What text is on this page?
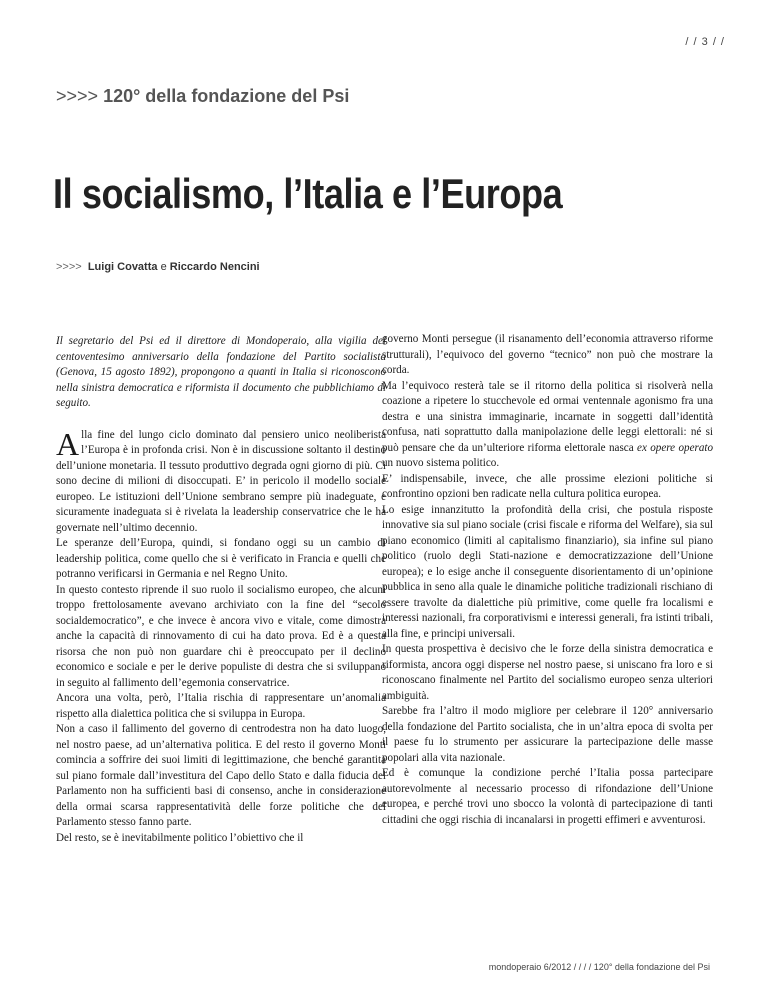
/ / 3 / /
>>>> 120° della fondazione del Psi
Il socialismo, l’Italia e l’Europa
>>>> Luigi Covatta e Riccardo Nencini

Il segretario del Psi ed il direttore di Mondoperaio, alla vigilia del centoventesimo anniversario della fondazione del Partito socialista (Genova, 15 agosto 1892), propongono a quanti in Italia si riconoscono nella sinistra democratica e riformista il documento che pubblichiamo di seguito.

Alla fine del lungo ciclo dominato dal pensiero unico neoliberista l’Europa è in profonda crisi. Non è in discussione soltanto il destino dell’unione monetaria. Il tessuto produttivo degrada ogni giorno di più. Ci sono decine di milioni di disoccupati. E’ in pericolo il modello sociale europeo. Le istituzioni dell’Unione sembrano sempre più inadeguate, e sicuramente inadeguata si è rivelata la leadership conservatrice che le ha governate nell’ultimo decennio.

Le speranze dell’Europa, quindi, si fondano oggi su un cambio di leadership politica, come quello che si è verificato in Francia e quelli che potranno verificarsi in Germania e nel Regno Unito.

In questo contesto riprende il suo ruolo il socialismo europeo, che alcuni troppo frettolosamente avevano archiviato con la fine del “secolo socialdemocratico”, e che invece è ancora vivo e vitale, come dimostra anche la capacità di rinnovamento di cui ha dato prova. Ed è a questa risorsa che non può non guardare chi è preoccupato per il declino economico e sociale e per le derive populiste di destra che si sviluppano in seguito al fallimento dell’egemonia conservatrice.

Ancora una volta, però, l’Italia rischia di rappresentare un’anomalia rispetto alla dialettica politica che si sviluppa in Europa.

Non a caso il fallimento del governo di centrodestra non ha dato luogo, nel nostro paese, ad un’alternativa politica. E del resto il governo Monti comincia a soffrire dei suoi limiti di legittimazione, che benché garantita sul piano formale dall’investitura del Capo dello Stato e dalla fiducia del Parlamento non ha sufficienti basi di consenso, anche in considerazione della ormai scarsa rappresentatività delle forze politiche che del Parlamento stesso fanno parte.

Del resto, se è inevitabilmente politico l’obiettivo che il

governo Monti persegue (il risanamento dell’economia attraverso riforme strutturali), l’equivoco del governo “tecnico” non può che mostrare la corda.

Ma l’equivoco resterà tale se il ritorno della politica si risolverà nella coazione a ripetere lo stucchevole ed ormai ventennale agonismo fra una destra e una sinistra immaginarie, incarnate in soggetti dall’identità confusa, nati soprattutto dalla manipolazione delle leggi elettorali: né si può pensare che da un’ulteriore riforma elettorale nasca ex opere operato un nuovo sistema politico.

E’ indispensabile, invece, che alle prossime elezioni politiche si confrontino opzioni ben radicate nella cultura politica europea.

Lo esige innanzitutto la profondità della crisi, che postula risposte innovative sia sul piano sociale (crisi fiscale e riforma del Welfare), sia sul piano economico (limiti al capitalismo finanziario), sia infine sul piano politico (ruolo degli Stati-nazione e democratizzazione dell’Unione europea); e lo esige anche il conseguente disorientamento di un’opinione pubblica in seno alla quale le dinamiche politiche tradizionali rischiano di essere travolte da dialettiche più primitive, come quelle fra localismi e interessi nazionali, fra corporativismi e interessi generali, fra istinti tribali, alla fine, e principi universali.

In questa prospettiva è decisivo che le forze della sinistra democratica e riformista, ancora oggi disperse nel nostro paese, si uniscano fra loro e si riconoscano finalmente nel Partito del socialismo europeo senza ulteriori ambiguità.

Sarebbe fra l’altro il modo migliore per celebrare il 120° anniversario della fondazione del Partito socialista, che in un’altra epoca di svolta per il paese fu lo strumento per assicurare la partecipazione delle masse popolari alla vita nazionale.

Ed è comunque la condizione perché l’Italia possa partecipare autorevolmente al necessario processo di rifondazione dell’Unione europea, e perché trovi uno sbocco la volontà di partecipazione di tanti cittadini che oggi rischia di incanalarsi in progetti effimeri e avventurosi.

mondoperaio 6/2012 / / / / 120° della fondazione del Psi
